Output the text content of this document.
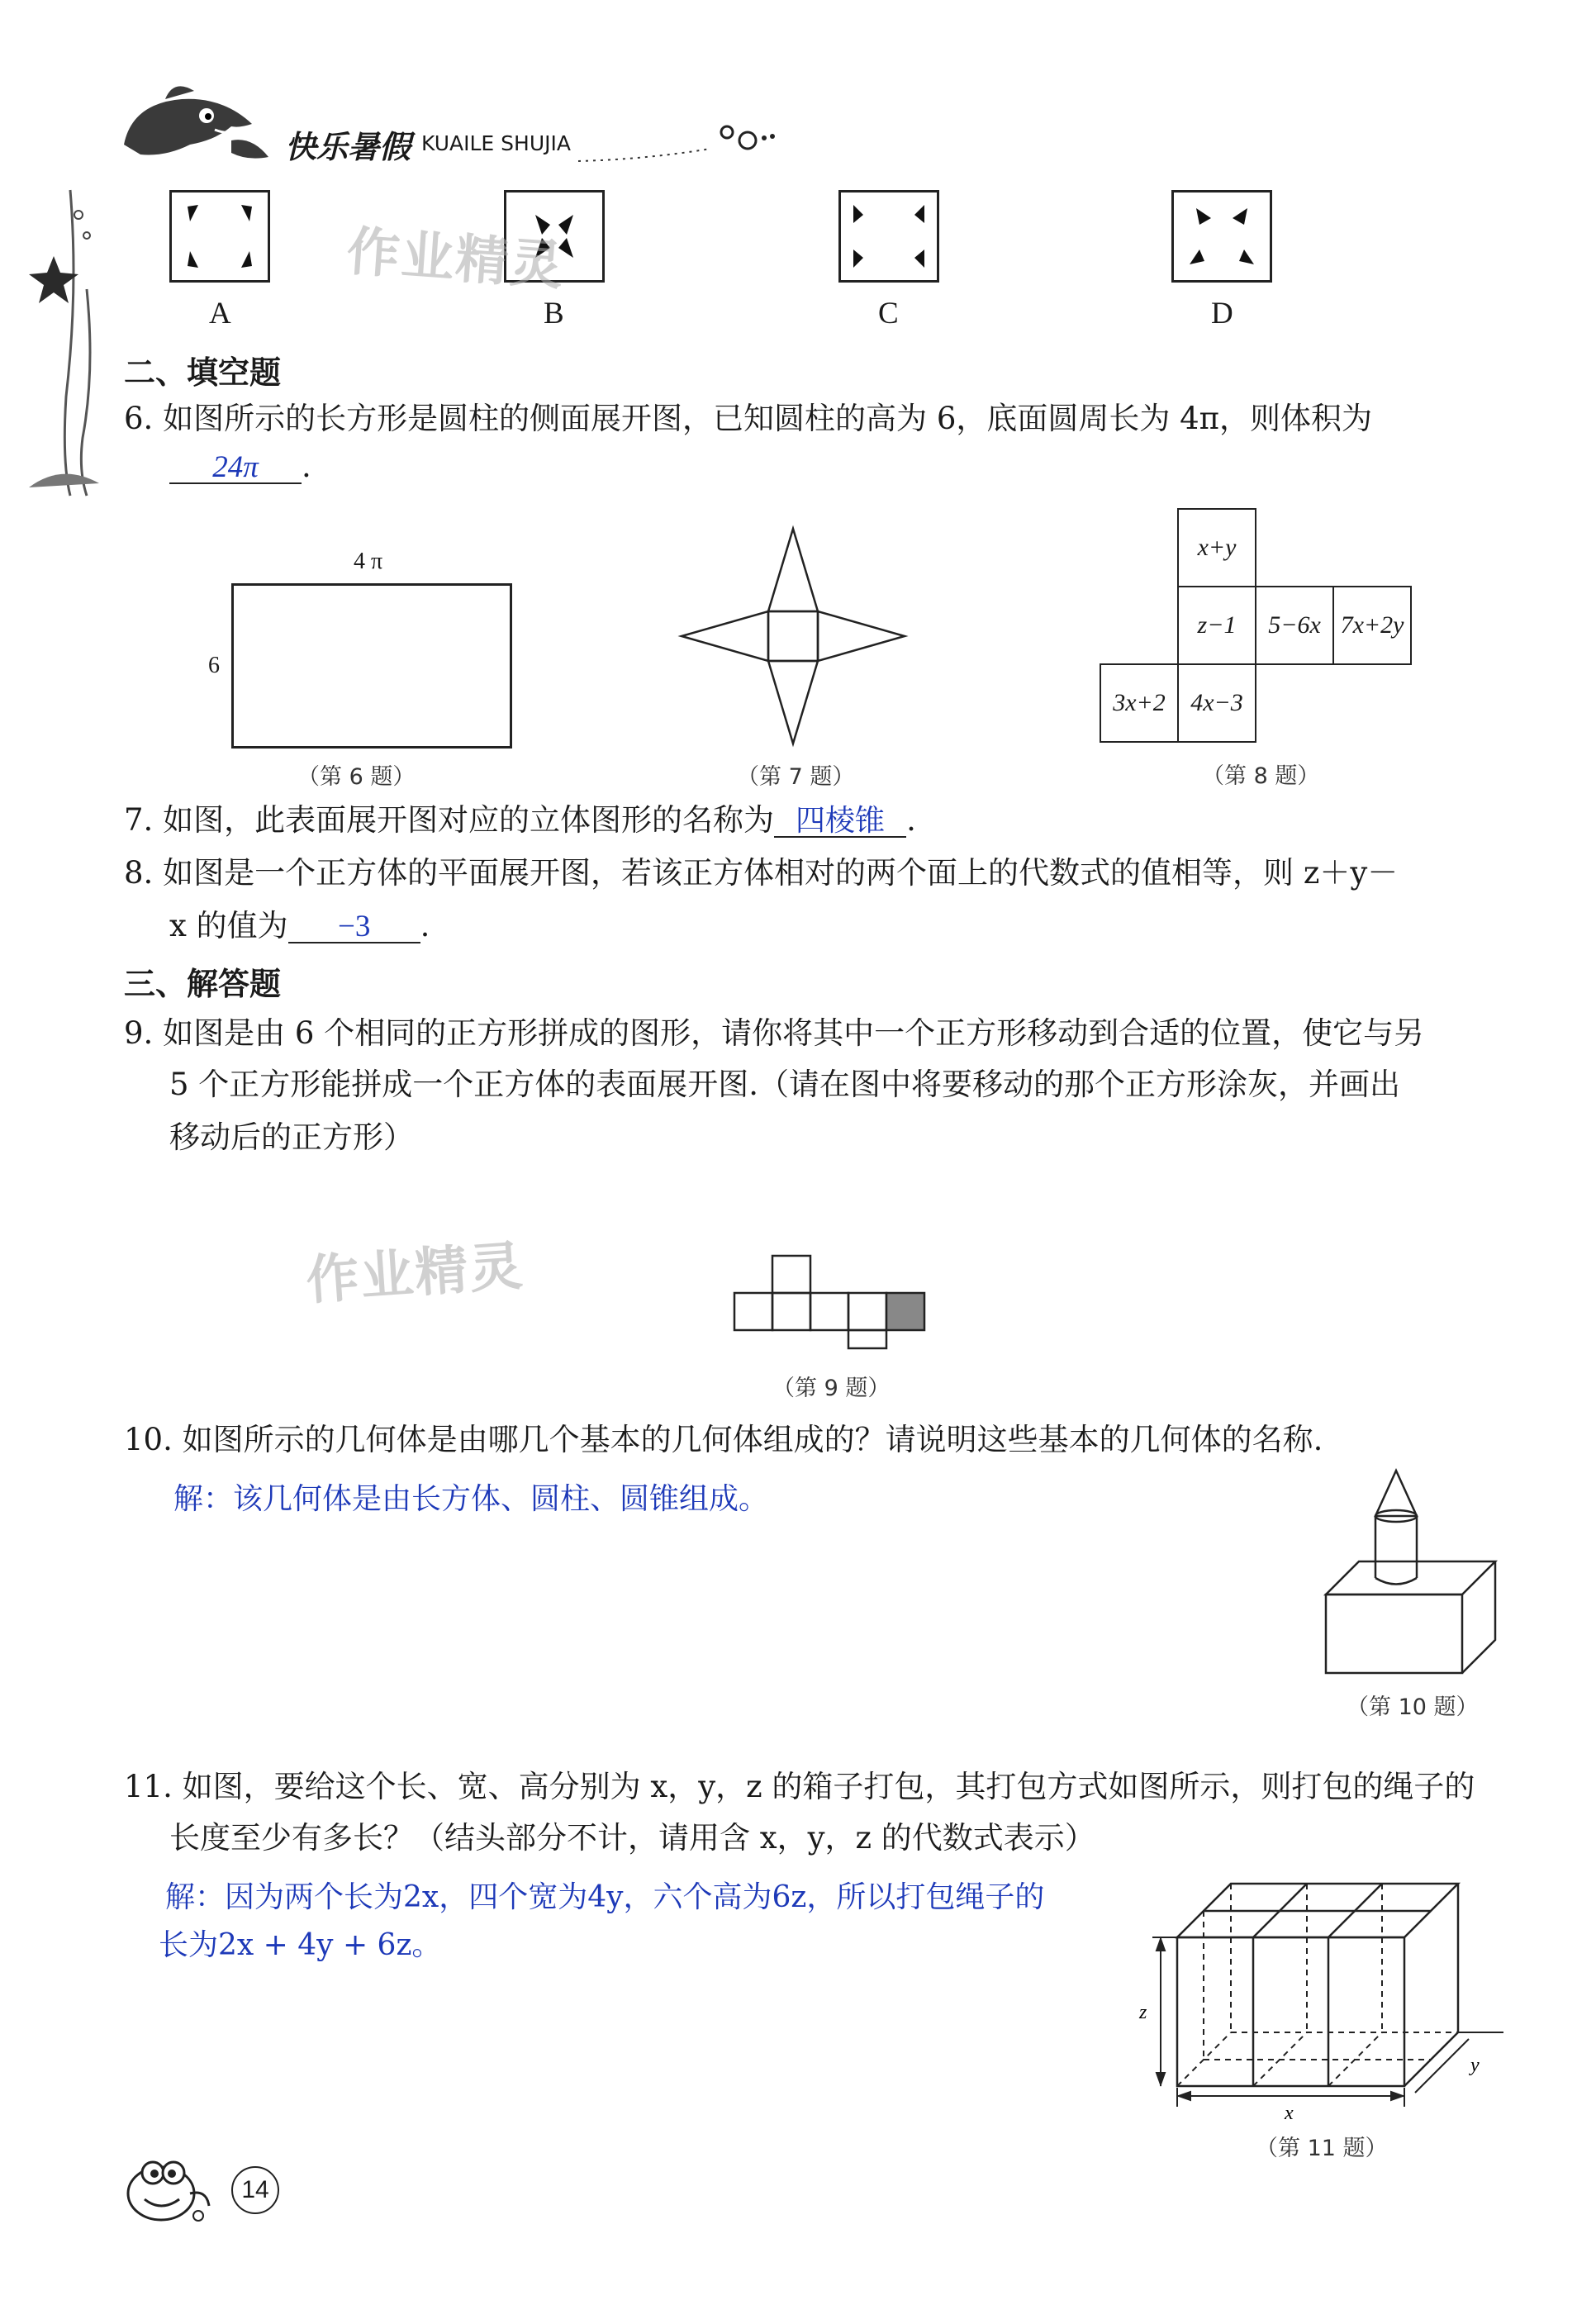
快乐暑假 KUAILE SHUJIA
A	B	C	D
作业精灵
二、填空题
6. 如图所示的长方形是圆柱的侧面展开图，已知圆柱的高为 6，底面圆周长为 4π，则体积为
24π .
4 π
6
（第 6 题）	（第 7 题）
x+y
z−1	5−6x 7x+2y
3x+2	4x−3
（第 8 题）
7. 如图，此表面展开图对应的立体图形的名称为 四棱锥 .
8. 如图是一个正方体的平面展开图，若该正方体相对的两个面上的代数式的值相等，则 z＋y－
x 的值为 −3 .
三、解答题
9. 如图是由 6 个相同的正方形拼成的图形，请你将其中一个正方形移动到合适的位置，使它与另
5 个正方形能拼成一个正方体的表面展开图.（请在图中将要移动的那个正方形涂灰，并画出
移动后的正方形）
作业精灵
（第 9 题）
10. 如图所示的几何体是由哪几个基本的几何体组成的？请说明这些基本的几何体的名称.
解：该几何体是由长方体、圆柱、圆锥组成。
（第 10 题）
11. 如图，要给这个长、宽、高分别为 x，y，z 的箱子打包，其打包方式如图所示，则打包的绳子的
长度至少有多长？（结头部分不计，请用含 x，y，z 的代数式表示）
解：因为两个长为2x，四个宽为4y，六个高为6z，所以打包绳子的
长为2x + 4y + 6z。
z
x
y
（第 11 题）
14
